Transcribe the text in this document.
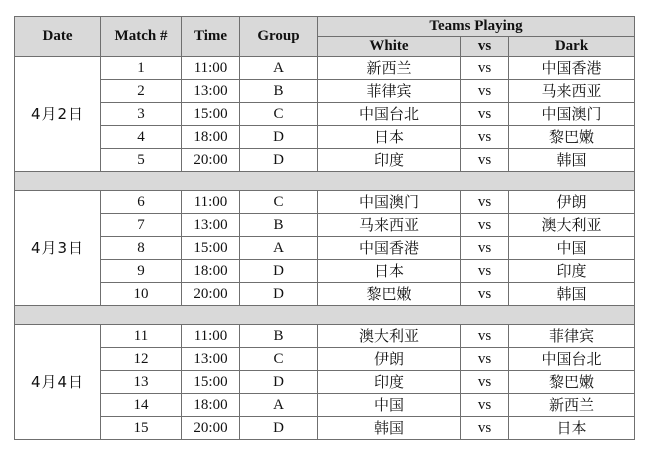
Date	Match #	Time	Group	Teams Playing		
				White	vs	Dark
4月2日	1	11:00	A	新西兰	vs	中国香港
	2	13:00	B	菲律宾	vs	马来西亚
	3	15:00	C	中国台北	vs	中国澳门
	4	18:00	D	日本	vs	黎巴嫩
	5	20:00	D	印度	vs	韩国

4月3日	6	11:00	C	中国澳门	vs	伊朗
	7	13:00	B	马来西亚	vs	澳大利亚
	8	15:00	A	中国香港	vs	中国
	9	18:00	D	日本	vs	印度
	10	20:00	D	黎巴嫩	vs	韩国

4月4日	11	11:00	B	澳大利亚	vs	菲律宾
	12	13:00	C	伊朗	vs	中国台北
	13	15:00	D	印度	vs	黎巴嫩
	14	18:00	A	中国	vs	新西兰
	15	20:00	D	韩国	vs	日本
